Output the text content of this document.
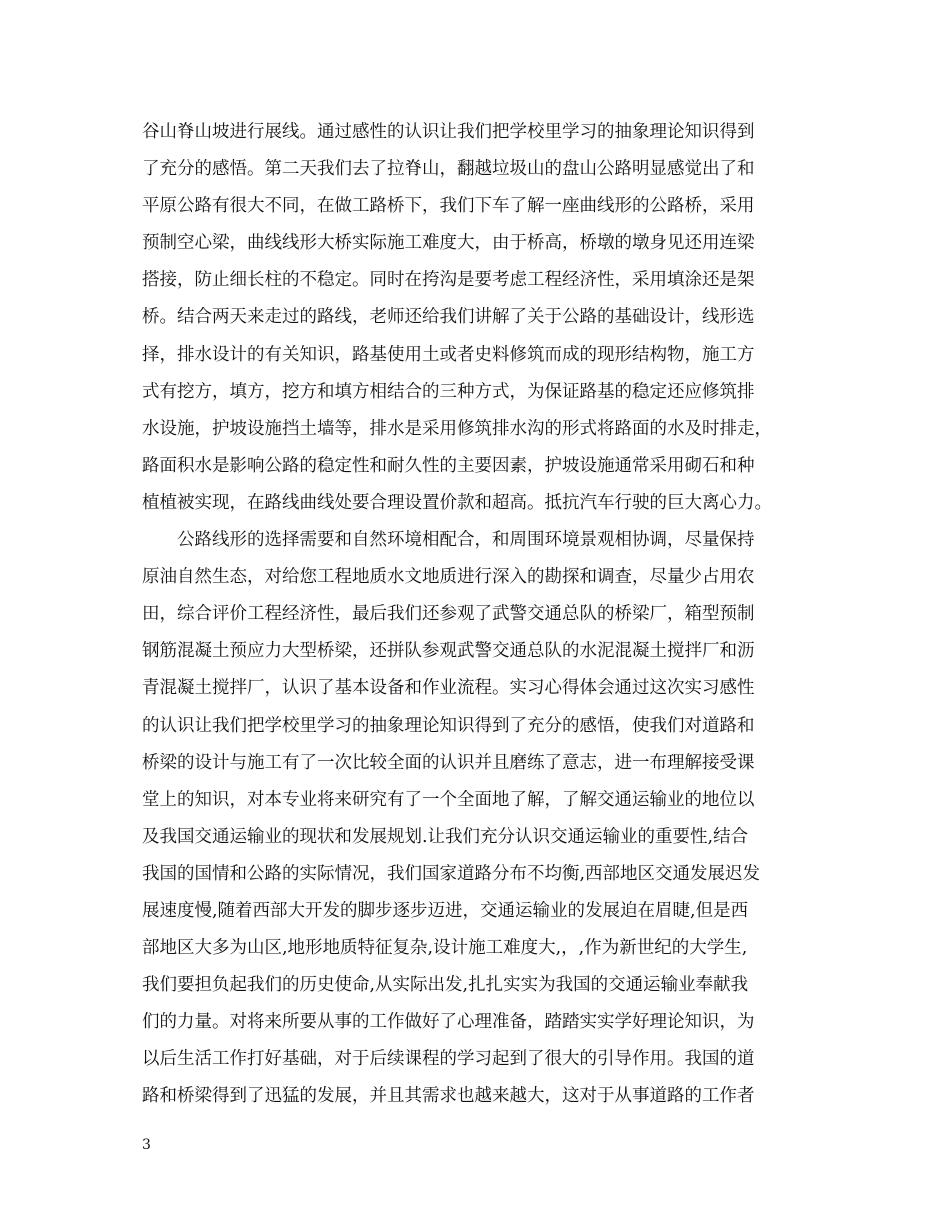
谷山脊山坡进行展线。通过感性的认识让我们把学校里学习的抽象理论知识得到
了充分的感悟。第二天我们去了拉脊山，翻越垃圾山的盘山公路明显感觉出了和
平原公路有很大不同，在做工路桥下，我们下车了解一座曲线形的公路桥，采用
预制空心梁，曲线线形大桥实际施工难度大，由于桥高，桥墩的墩身见还用连梁
搭接，防止细长柱的不稳定。同时在挎沟是要考虑工程经济性，采用填涂还是架
桥。结合两天来走过的路线，老师还给我们讲解了关于公路的基础设计，线形选
择，排水设计的有关知识，路基使用土或者史料修筑而成的现形结构物，施工方
式有挖方，填方，挖方和填方相结合的三种方式，为保证路基的稳定还应修筑排
水设施，护坡设施挡土墙等，排水是采用修筑排水沟的形式将路面的水及时排走，
路面积水是影响公路的稳定性和耐久性的主要因素，护坡设施通常采用砌石和种
植植被实现，在路线曲线处要合理设置价款和超高。抵抗汽车行驶的巨大离心力。
　　公路线形的选择需要和自然环境相配合，和周围环境景观相协调，尽量保持
原油自然生态，对给您工程地质水文地质进行深入的勘探和调查，尽量少占用农
田，综合评价工程经济性，最后我们还参观了武警交通总队的桥梁厂，箱型预制
钢筋混凝土预应力大型桥梁，还拼队参观武警交通总队的水泥混凝土搅拌厂和沥
青混凝土搅拌厂，认识了基本设备和作业流程。实习心得体会通过这次实习感性
的认识让我们把学校里学习的抽象理论知识得到了充分的感悟，使我们对道路和
桥梁的设计与施工有了一次比较全面的认识并且磨练了意志，进一布理解接受课
堂上的知识，对本专业将来研究有了一个全面地了解，了解交通运输业的地位以
及我国交通运输业的现状和发展规划.让我们充分认识交通运输业的重要性,结合
我国的国情和公路的实际情况，我们国家道路分布不均衡,西部地区交通发展迟发
展速度慢,随着西部大开发的脚步逐步迈进，交通运输业的发展迫在眉睫,但是西
部地区大多为山区,地形地质特征复杂,设计施工难度大,，,作为新世纪的大学生,
我们要担负起我们的历史使命,从实际出发,扎扎实实为我国的交通运输业奉献我
们的力量。对将来所要从事的工作做好了心理准备，踏踏实实学好理论知识，为
以后生活工作打好基础，对于后续课程的学习起到了很大的引导作用。我国的道
路和桥梁得到了迅猛的发展，并且其需求也越来越大，这对于从事道路的工作者
3
